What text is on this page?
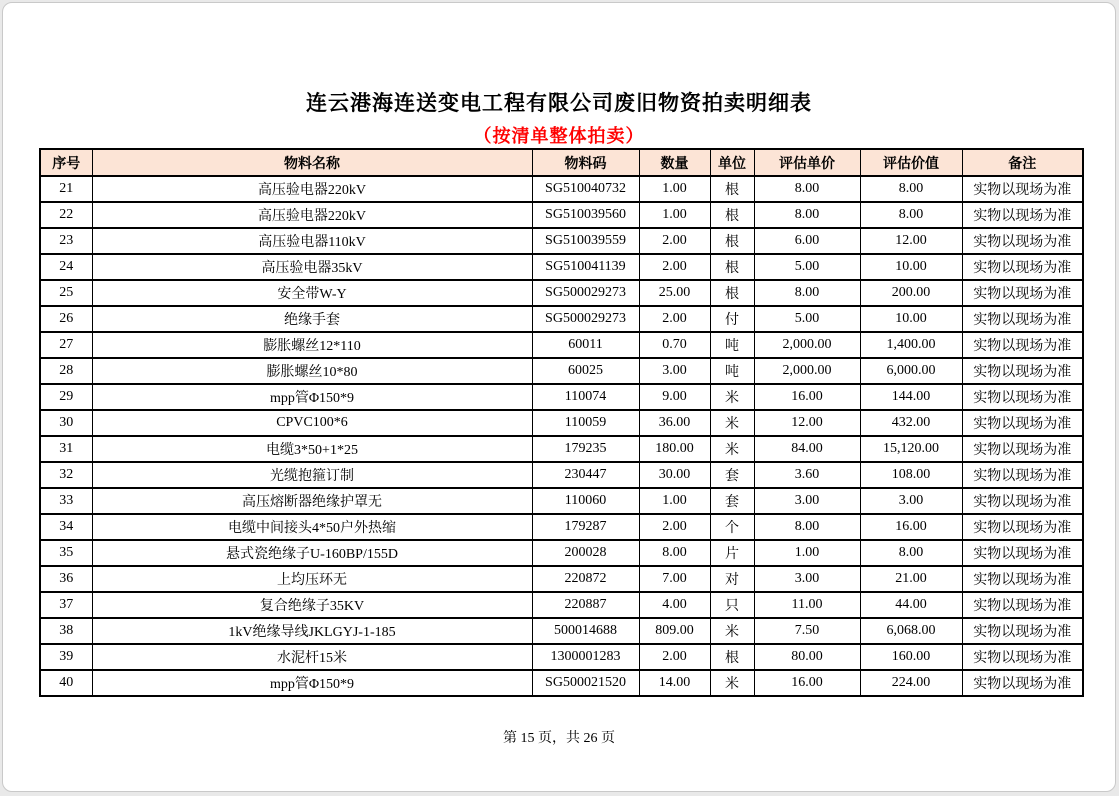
连云港海连送变电工程有限公司废旧物资拍卖明细表
（按清单整体拍卖）
序号	物料名称	物料码	数量	单位	评估单价	评估价值	备注
21	高压验电器220kV	SG510040732	1.00	根	8.00	8.00	实物以现场为准
22	高压验电器220kV	SG510039560	1.00	根	8.00	8.00	实物以现场为准
23	高压验电器110kV	SG510039559	2.00	根	6.00	12.00	实物以现场为准
24	高压验电器35kV	SG510041139	2.00	根	5.00	10.00	实物以现场为准
25	安全带W-Y	SG500029273	25.00	根	8.00	200.00	实物以现场为准
26	绝缘手套	SG500029273	2.00	付	5.00	10.00	实物以现场为准
27	膨胀螺丝12*110	60011	0.70	吨	2,000.00	1,400.00	实物以现场为准
28	膨胀螺丝10*80	60025	3.00	吨	2,000.00	6,000.00	实物以现场为准
29	mpp管Φ150*9	110074	9.00	米	16.00	144.00	实物以现场为准
30	CPVC100*6	110059	36.00	米	12.00	432.00	实物以现场为准
31	电缆3*50+1*25	179235	180.00	米	84.00	15,120.00	实物以现场为准
32	光缆抱箍订制	230447	30.00	套	3.60	108.00	实物以现场为准
33	高压熔断器绝缘护罩无	110060	1.00	套	3.00	3.00	实物以现场为准
34	电缆中间接头4*50户外热缩	179287	2.00	个	8.00	16.00	实物以现场为准
35	悬式瓷绝缘子U-160BP/155D	200028	8.00	片	1.00	8.00	实物以现场为准
36	上均压环无	220872	7.00	对	3.00	21.00	实物以现场为准
37	复合绝缘子35KV	220887	4.00	只	11.00	44.00	实物以现场为准
38	1kV绝缘导线JKLGYJ-1-185	500014688	809.00	米	7.50	6,068.00	实物以现场为准
39	水泥杆15米	1300001283	2.00	根	80.00	160.00	实物以现场为准
40	mpp管Φ150*9	SG500021520	14.00	米	16.00	224.00	实物以现场为准
第 15 页，共 26 页
